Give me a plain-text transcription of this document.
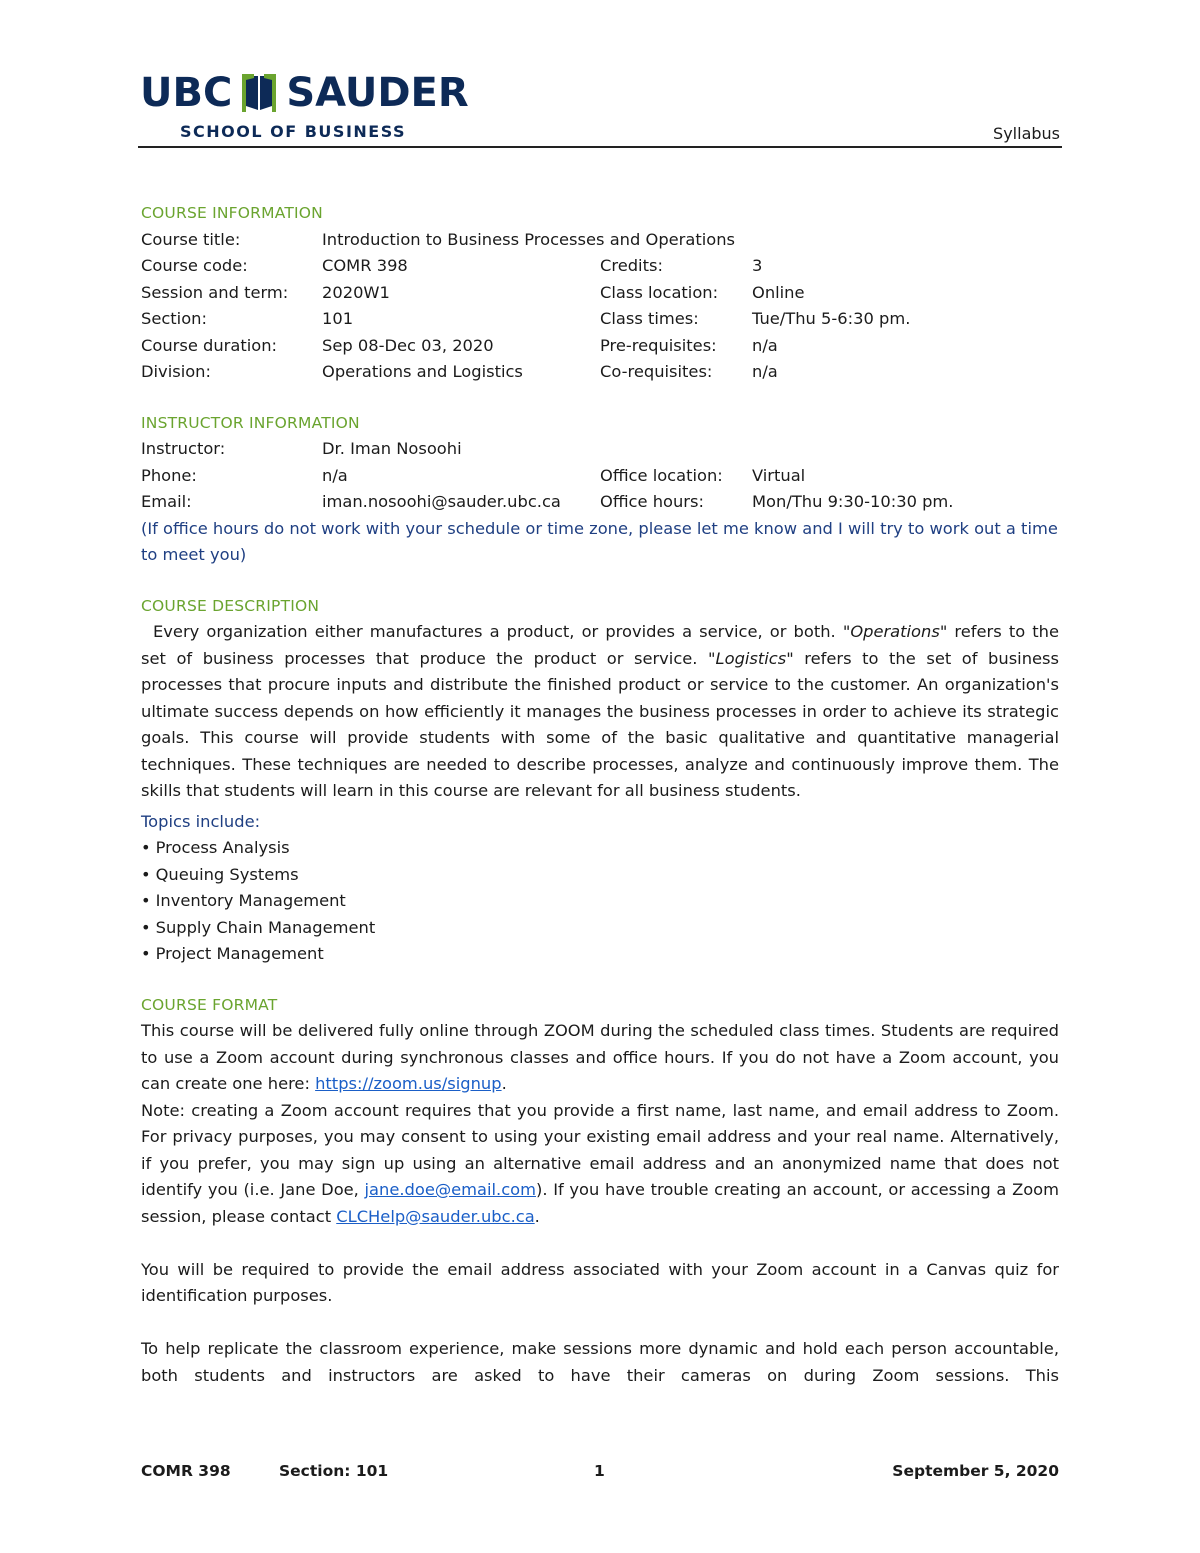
UBC SAUDER
SCHOOL OF BUSINESS	Syllabus
COURSE INFORMATION
Course title:	Introduction to Business Processes and Operations
Course code:	COMR 398	Credits:	3
Session and term:	2020W1	Class location:	Online
Section:	101	Class times:	Tue/Thu 5-6:30 pm.
Course duration:	Sep 08-Dec 03, 2020	Pre-requisites:	n/a
Division:	Operations and Logistics	Co-requisites:	n/a
INSTRUCTOR INFORMATION
Instructor:	Dr. Iman Nosoohi
Phone:	n/a	Office location:	Virtual
Email:	iman.nosoohi@sauder.ubc.ca	Office hours:	Mon/Thu 9:30-10:30 pm.
(If office hours do not work with your schedule or time zone, please let me know and I will try to work out a time to meet you)
COURSE DESCRIPTION
Every organization either manufactures a product, or provides a service, or both. "Operations" refers to the set of business processes that produce the product or service. "Logistics" refers to the set of business processes that procure inputs and distribute the finished product or service to the customer. An organization's ultimate success depends on how efficiently it manages the business processes in order to achieve its strategic goals. This course will provide students with some of the basic qualitative and quantitative managerial techniques. These techniques are needed to describe processes, analyze and continuously improve them. The skills that students will learn in this course are relevant for all business students.
Topics include:
• Process Analysis
• Queuing Systems
• Inventory Management
• Supply Chain Management
• Project Management
COURSE FORMAT
This course will be delivered fully online through ZOOM during the scheduled class times. Students are required to use a Zoom account during synchronous classes and office hours. If you do not have a Zoom account, you can create one here: https://zoom.us/signup.
Note: creating a Zoom account requires that you provide a first name, last name, and email address to Zoom. For privacy purposes, you may consent to using your existing email address and your real name. Alternatively, if you prefer, you may sign up using an alternative email address and an anonymized name that does not identify you (i.e. Jane Doe, jane.doe@email.com). If you have trouble creating an account, or accessing a Zoom session, please contact CLCHelp@sauder.ubc.ca.
You will be required to provide the email address associated with your Zoom account in a Canvas quiz for identification purposes.
To help replicate the classroom experience, make sessions more dynamic and hold each person accountable, both students and instructors are asked to have their cameras on during Zoom sessions. This
COMR 398	Section: 101	1	September 5, 2020
